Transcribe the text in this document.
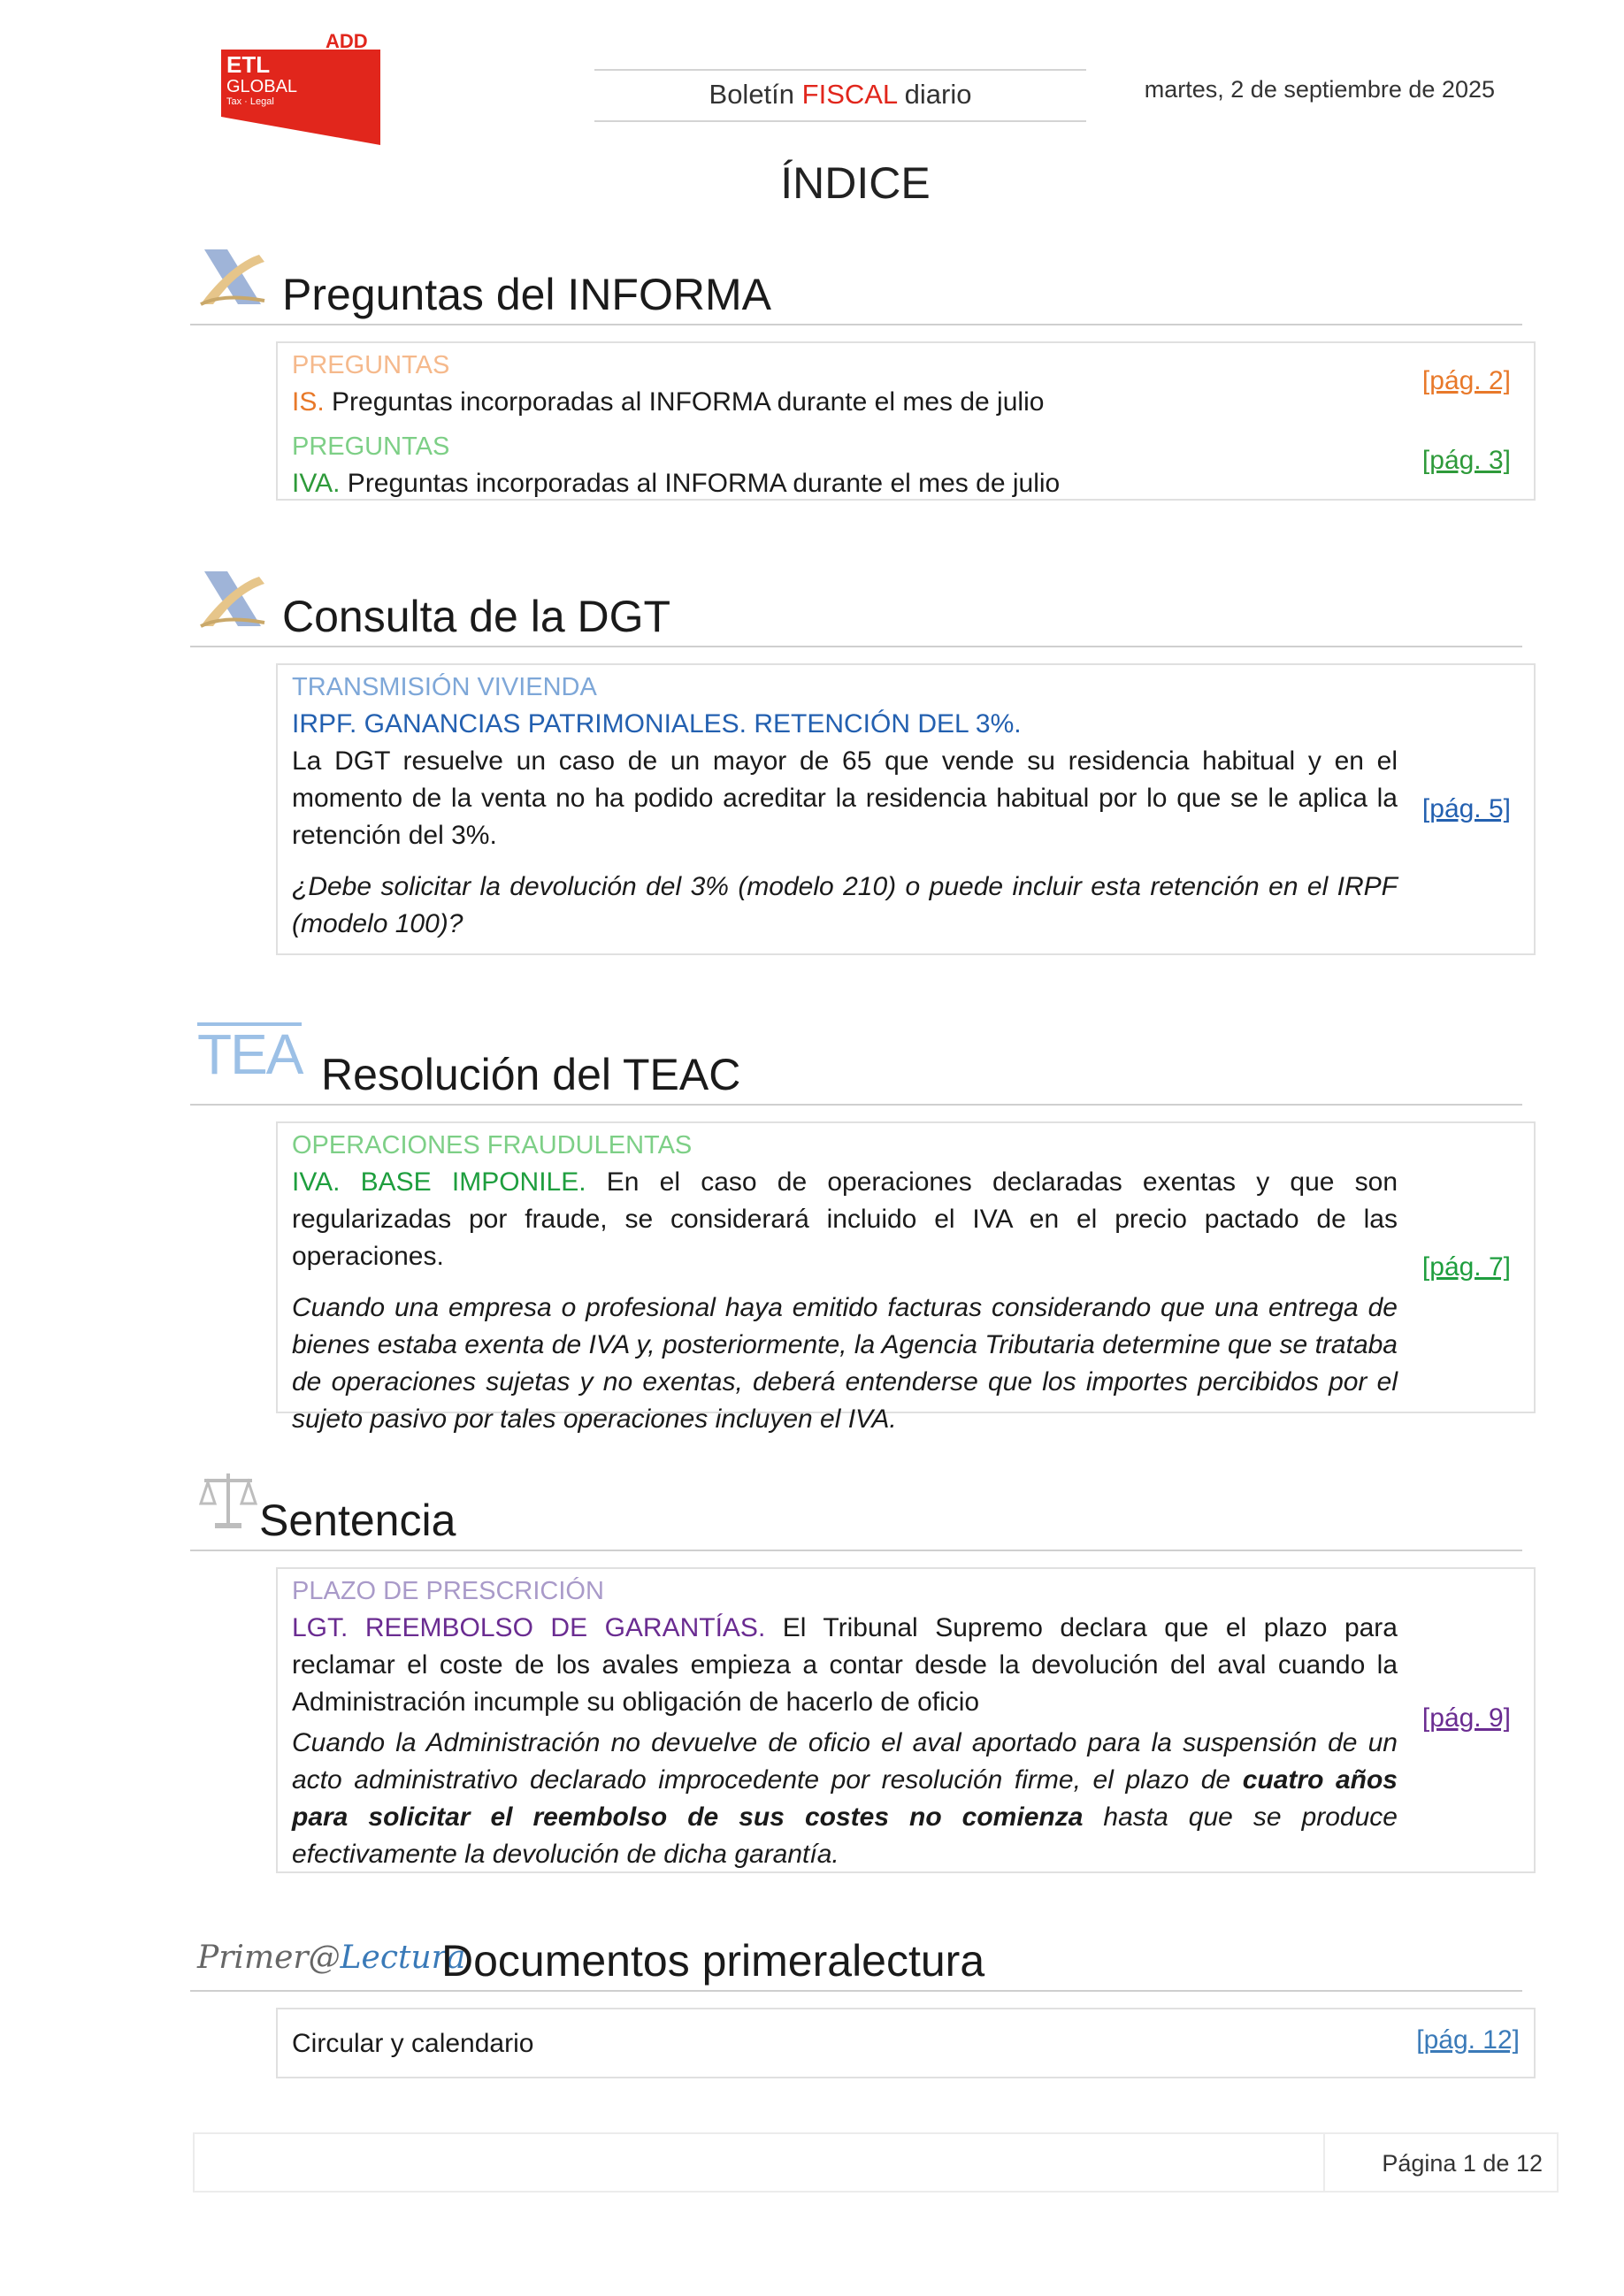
ADD
ETL
GLOBAL
Tax · Legal	Boletín FISCAL diario	martes, 2 de septiembre de 2025
ÍNDICE
Preguntas del INFORMA
PREGUNTAS
IS. Preguntas incorporadas al INFORMA durante el mes de julio
[pág. 2]
PREGUNTAS
IVA. Preguntas incorporadas al INFORMA durante el mes de julio
[pág. 3]
Consulta de la DGT
TRANSMISIÓN VIVIENDA
IRPF. GANANCIAS PATRIMONIALES. RETENCIÓN DEL 3%.

La DGT resuelve un caso de un mayor de 65 que vende su residencia habitual y en el momento de la venta no ha podido acreditar la residencia habitual por lo que se le aplica la retención del 3%.

¿Debe solicitar la devolución del 3% (modelo 210) o puede incluir esta retención en el IRPF (modelo 100)?

[pág. 5]
TEA Resolución del TEAC
OPERACIONES FRAUDULENTAS

IVA. BASE IMPONILE. En el caso de operaciones declaradas exentas y que son regularizadas por fraude, se considerará incluido el IVA en el precio pactado de las operaciones.

Cuando una empresa o profesional haya emitido facturas considerando que una entrega de bienes estaba exenta de IVA y, posteriormente, la Agencia Tributaria determine que se trataba de operaciones sujetas y no exentas, deberá entenderse que los importes percibidos por el sujeto pasivo por tales operaciones incluyen el IVA.

[pág. 7]
Sentencia
PLAZO DE PRESCRICIÓN

LGT. REEMBOLSO DE GARANTÍAS. El Tribunal Supremo declara que el plazo para reclamar el coste de los avales empieza a contar desde la devolución del aval cuando la Administración incumple su obligación de hacerlo de oficio

Cuando la Administración no devuelve de oficio el aval aportado para la suspensión de un acto administrativo declarado improcedente por resolución firme, el plazo de cuatro años para solicitar el reembolso de sus costes no comienza hasta que se produce efectivamente la devolución de dicha garantía.

[pág. 9]
Primer@Lectura
Documentos primeralectura
Circular y calendario	[pág. 12]
Página 1 de 12
